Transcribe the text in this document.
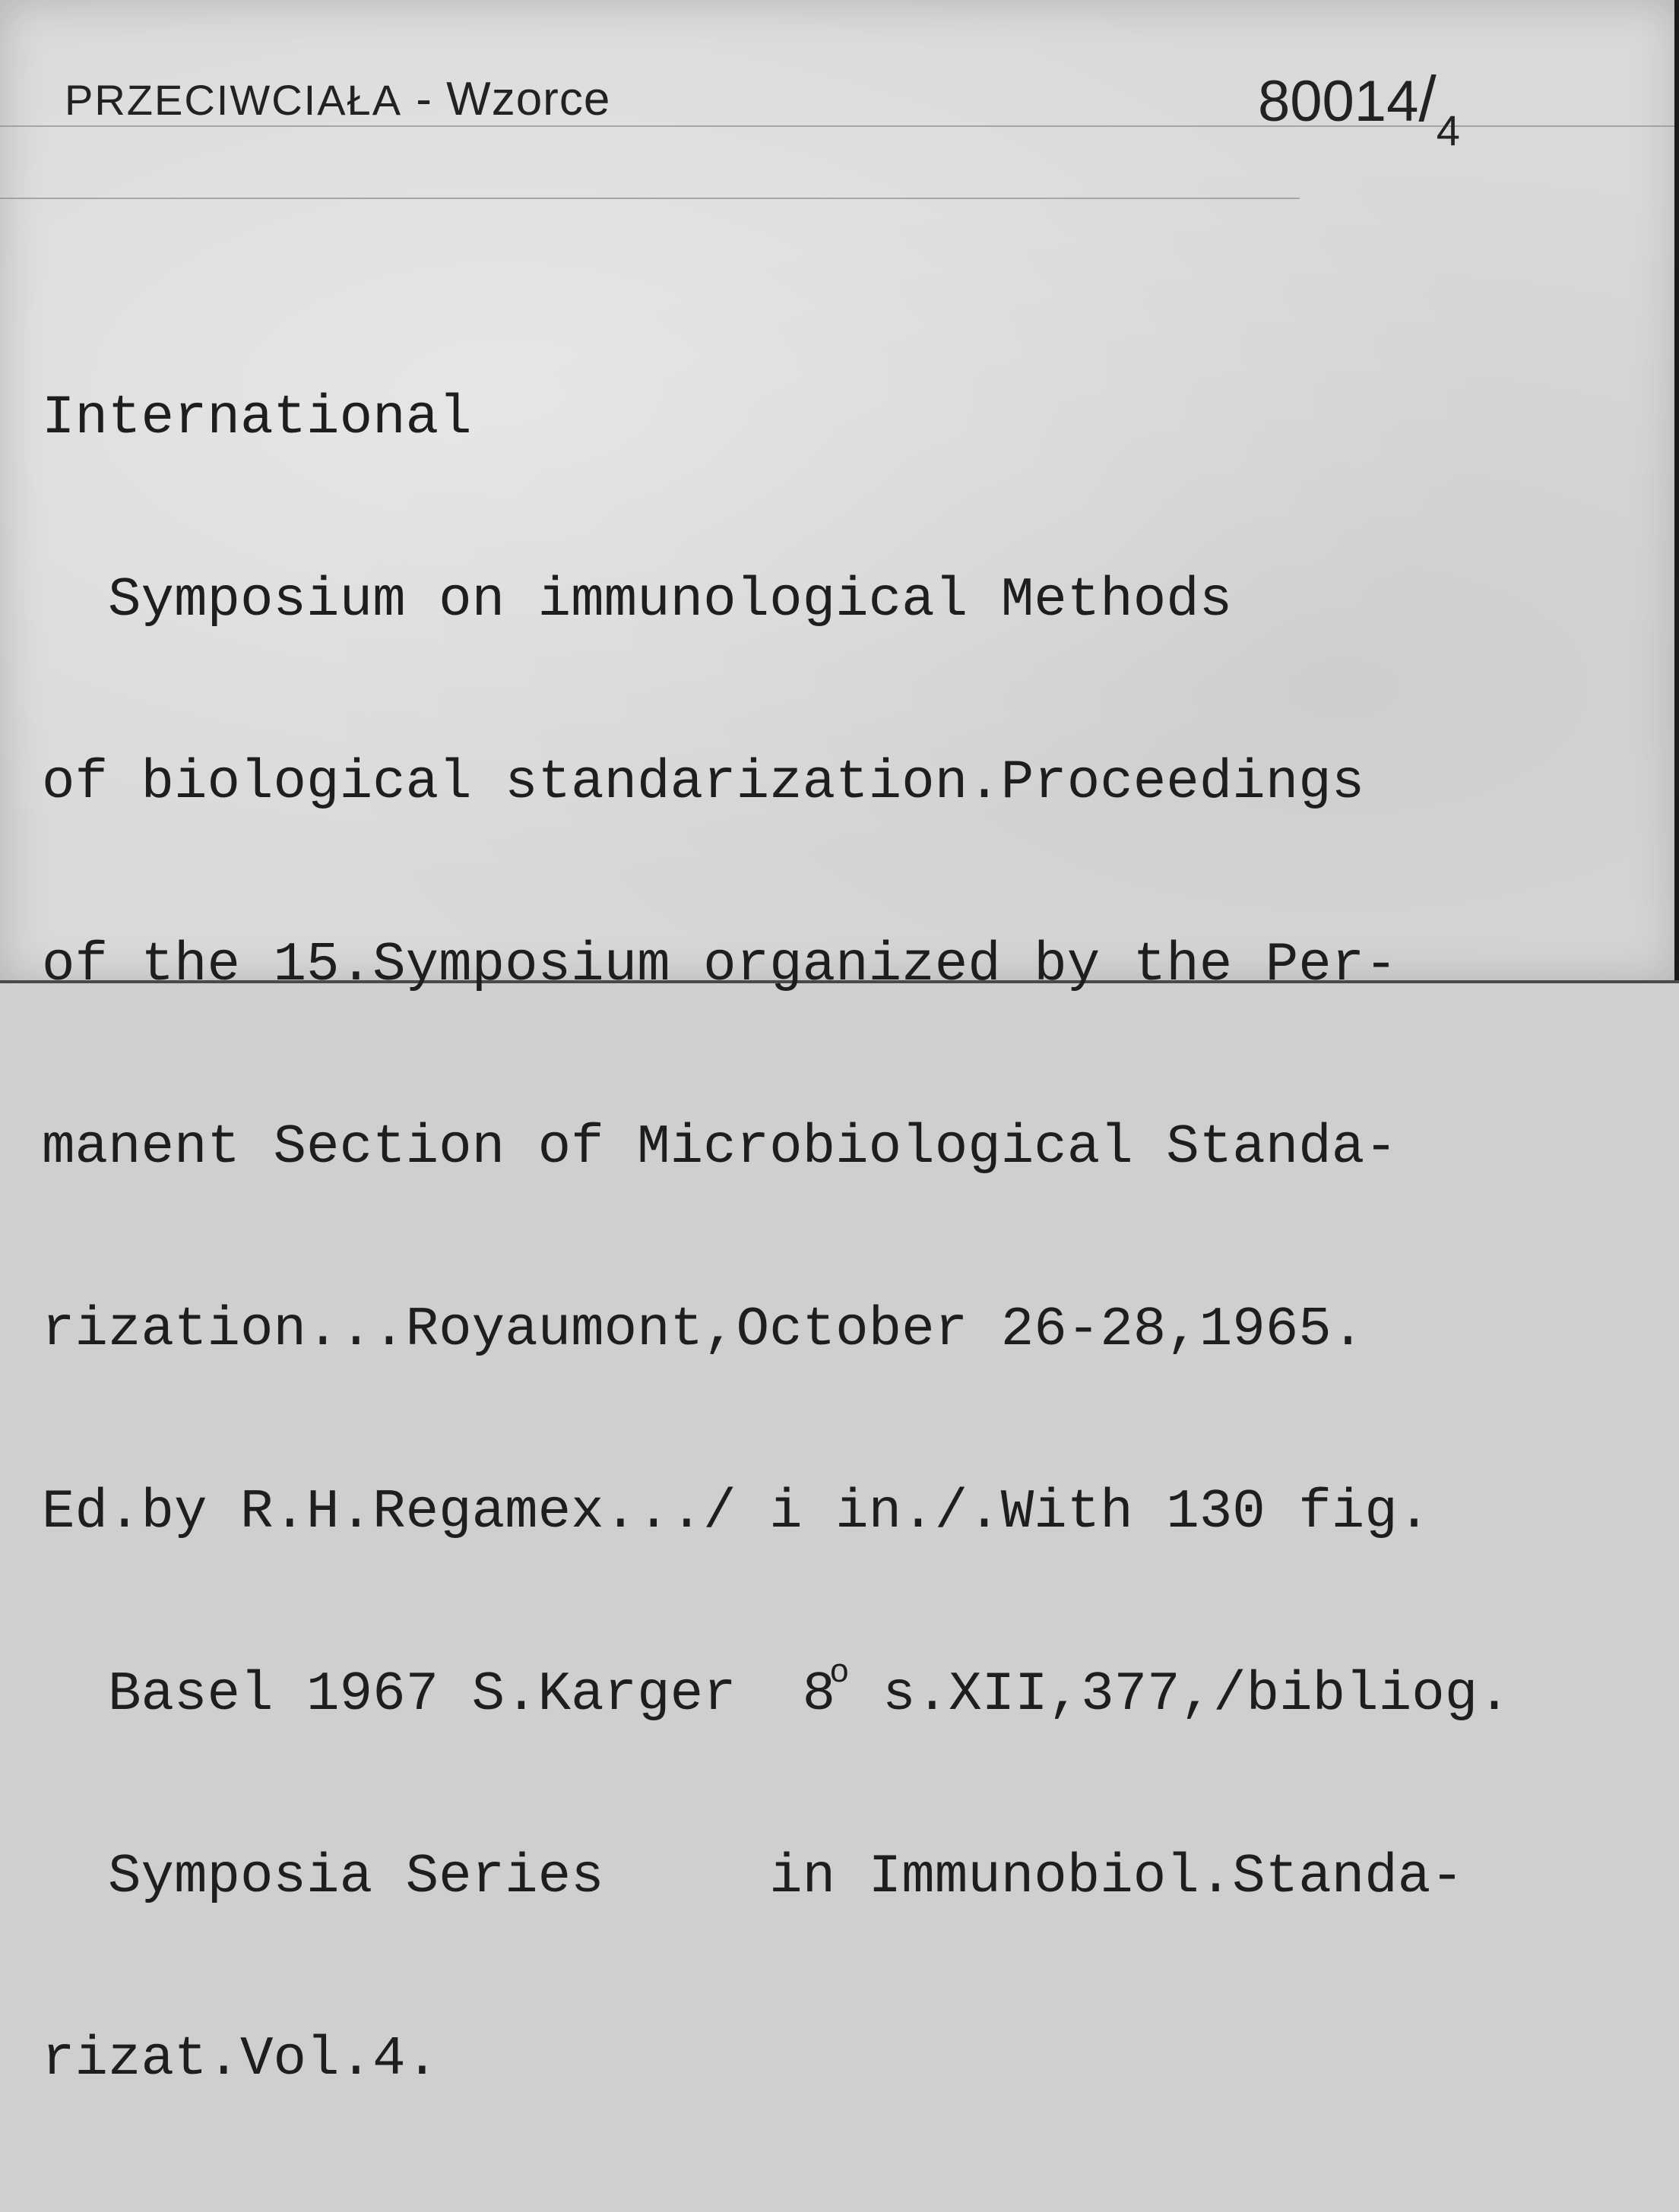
PRZECIWCIAŁA - Wzorce	$80014/_4$

International

Symposium on immunological Methods

of biological standarization.Proceedings

of the 15.Symposium organized by the Per-

manent Section of Microbiological Standa-

rization...Royaumont,October 26-28,1965.

Ed.by R.H.Regamex.../ i in./.With 130 fig.

Basel 1967 S.Karger  8$^o$ s.XII,377,/bibliog.

Symposia Series     in Immunobiol.Standa-

rizat.Vol.4.
